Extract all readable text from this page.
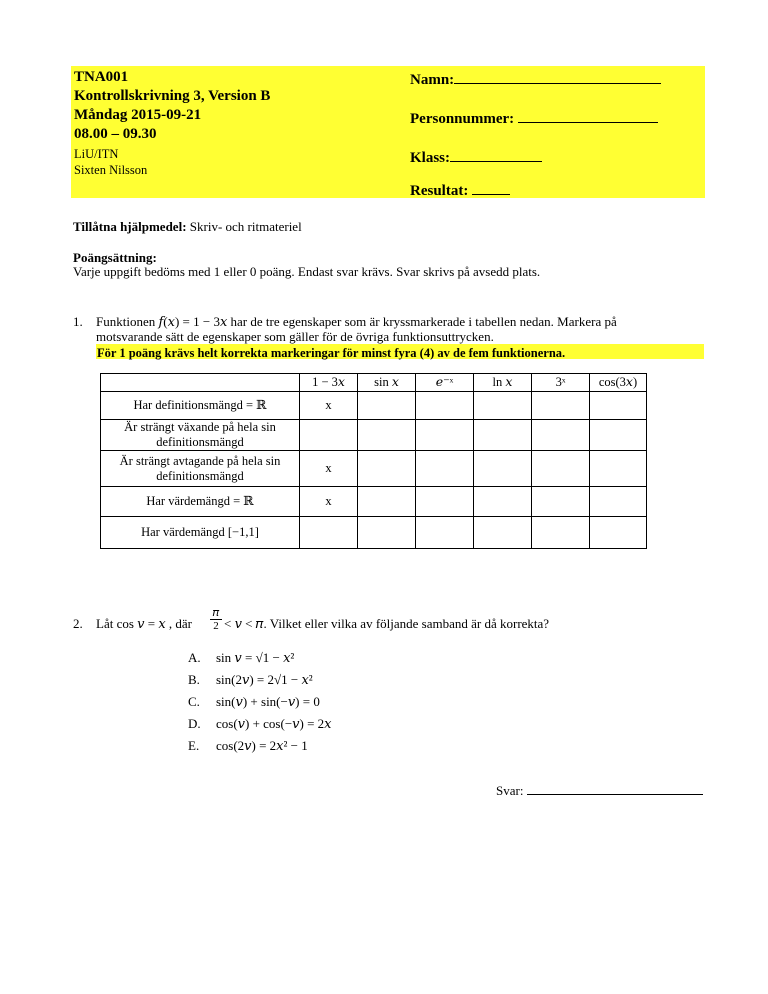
TNA001
Kontrollskrivning 3, Version B
Måndag 2015-09-21
08.00 – 09.30
LiU/ITN
Sixten Nilsson
Namn:
Personnummer:
Klass:
Resultat:
Tillåtna hjälpmedel: Skriv- och ritmateriel
Poängsättning:
Varje uppgift bedöms med 1 eller 0 poäng. Endast svar krävs. Svar skrivs på avsedd plats.
1. Funktionen 𝑓(𝑥) = 1 − 3𝑥 har de tre egenskaper som är kryssmarkerade i tabellen nedan. Markera på
motsvarande sätt de egenskaper som gäller för de övriga funktionsuttrycken.
För 1 poäng krävs helt korrekta markeringar för minst fyra (4) av de fem funktionerna.
	1 − 3𝑥	sin 𝑥	𝑒⁻ˣ	ln 𝑥	3ˣ	cos(3𝑥)
Har definitionsmängd = ℝ	x					
Är strängt växande på hela sin definitionsmängd						
Är strängt avtagande på hela sin definitionsmängd	x					
Har värdemängd = ℝ	x					
Har värdemängd [−1,1]						
2. Låt cos 𝑣 = 𝑥 , där
𝜋
2 < 𝑣 < 𝜋. Vilket eller vilka av följande samband är då korrekta?
A. sin 𝑣 = √1 − 𝑥²
B. sin(2𝑣) = 2√1 − 𝑥²
C. sin(𝑣) + sin(−𝑣) = 0
D. cos(𝑣) + cos(−𝑣) = 2𝑥
E. cos(2𝑣) = 2𝑥² − 1
Svar:
